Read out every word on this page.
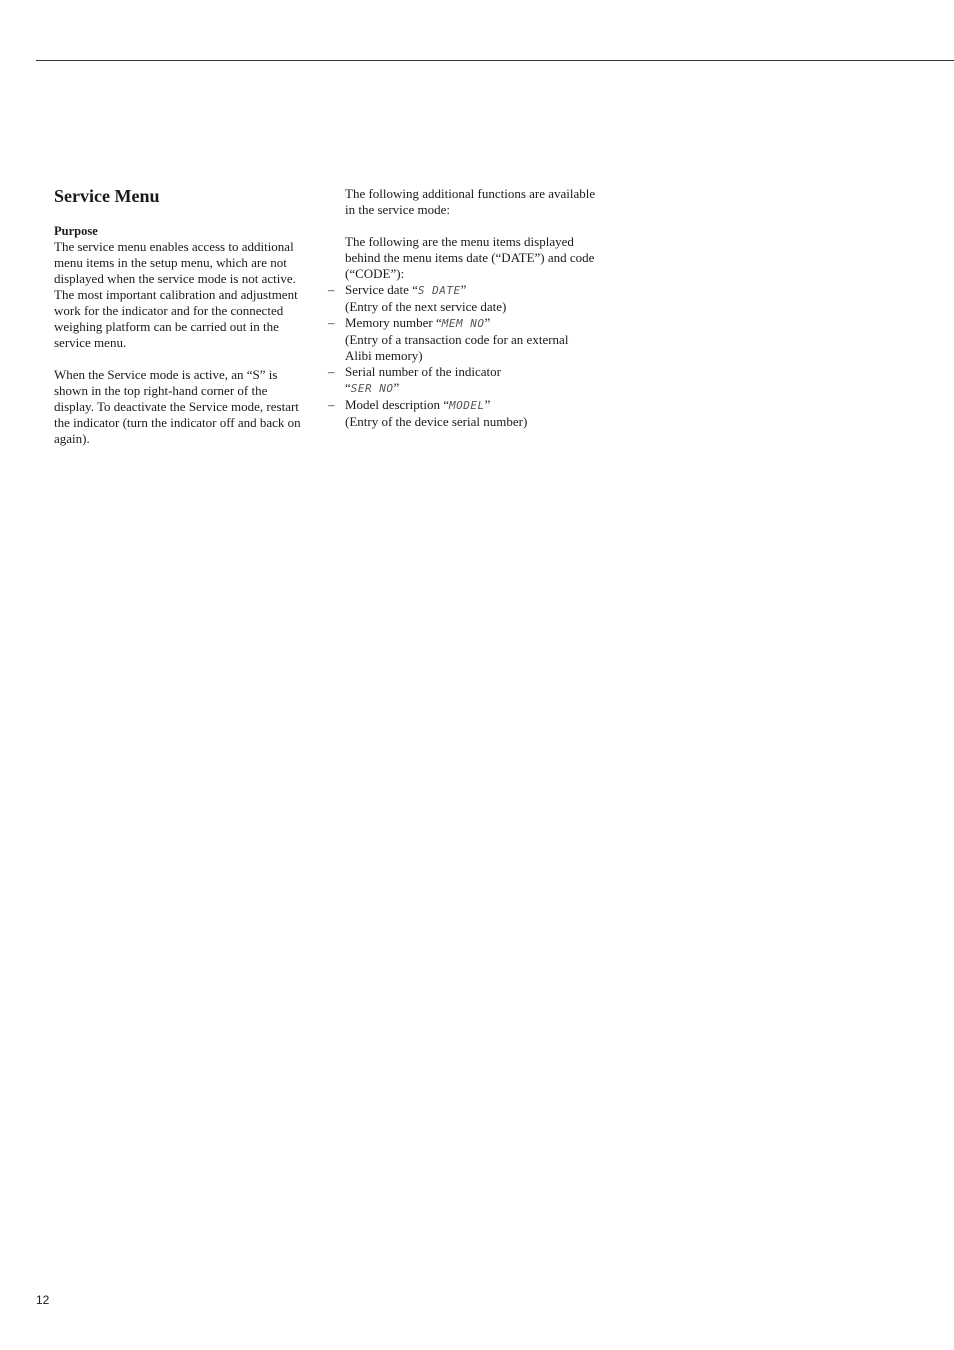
Service Menu

Purpose

The service menu enables access to additional menu items in the setup menu, which are not displayed when the service mode is not active.

The most important calibration and adjustment work for the indicator and for the connected weighing platform can be carried out in the service menu.

When the Service mode is active, an “S” is shown in the top right-hand corner of the display. To deactivate the Service mode, restart the indicator (turn the indicator off and back on again).

The following additional functions are available in the service mode:

The following are the menu items displayed behind the menu items date (“DATE”) and code (“CODE”):

– Service date “S DATE”
(Entry of the next service date)
– Memory number “MEM NO”
(Entry of a transaction code for an external Alibi memory)
– Serial number of the indicator
“SER NO”
– Model description “MODEL”
(Entry of the device serial number)
12
